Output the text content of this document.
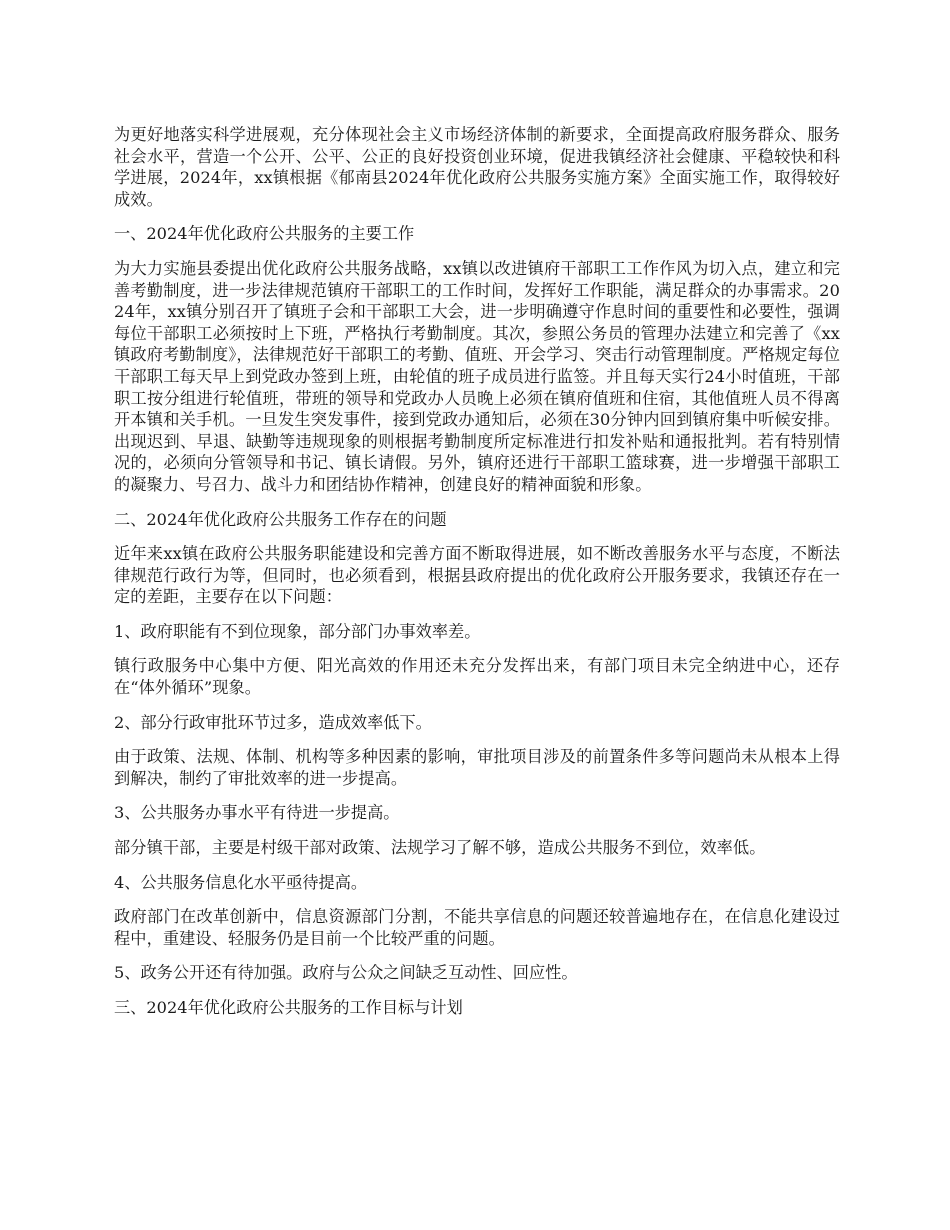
为更好地落实科学进展观，充分体现社会主义市场经济体制的新要求，全面提高政府服务群众、服务社会水平，营造一个公开、公平、公正的良好投资创业环境，促进我镇经济社会健康、平稳较快和科学进展，2024年，xx镇根据《郁南县2024年优化政府公共服务实施方案》全面实施工作，取得较好成效。

一、2024年优化政府公共服务的主要工作

为大力实施县委提出优化政府公共服务战略，xx镇以改进镇府干部职工工作作风为切入点，建立和完善考勤制度，进一步法律规范镇府干部职工的工作时间，发挥好工作职能，满足群众的办事需求。2024年，xx镇分别召开了镇班子会和干部职工大会，进一步明确遵守作息时间的重要性和必要性，强调每位干部职工必须按时上下班，严格执行考勤制度。其次，参照公务员的管理办法建立和完善了《xx镇政府考勤制度》，法律规范好干部职工的考勤、值班、开会学习、突击行动管理制度。严格规定每位干部职工每天早上到党政办签到上班，由轮值的班子成员进行监签。并且每天实行24小时值班，干部职工按分组进行轮值班，带班的领导和党政办人员晚上必须在镇府值班和住宿，其他值班人员不得离开本镇和关手机。一旦发生突发事件，接到党政办通知后，必须在30分钟内回到镇府集中听候安排。出现迟到、早退、缺勤等违规现象的则根据考勤制度所定标准进行扣发补贴和通报批判。若有特别情况的，必须向分管领导和书记、镇长请假。另外，镇府还进行干部职工篮球赛，进一步增强干部职工的凝聚力、号召力、战斗力和团结协作精神，创建良好的精神面貌和形象。

二、2024年优化政府公共服务工作存在的问题

近年来xx镇在政府公共服务职能建设和完善方面不断取得进展，如不断改善服务水平与态度，不断法律规范行政行为等，但同时，也必须看到，根据县政府提出的优化政府公开服务要求，我镇还存在一定的差距，主要存在以下问题：

1、政府职能有不到位现象，部分部门办事效率差。

镇行政服务中心集中方便、阳光高效的作用还未充分发挥出来，有部门项目未完全纳进中心，还存在“体外循环”现象。

2、部分行政审批环节过多，造成效率低下。

由于政策、法规、体制、机构等多种因素的影响，审批项目涉及的前置条件多等问题尚未从根本上得到解决，制约了审批效率的进一步提高。

3、公共服务办事水平有待进一步提高。

部分镇干部，主要是村级干部对政策、法规学习了解不够，造成公共服务不到位，效率低。

4、公共服务信息化水平亟待提高。

政府部门在改革创新中，信息资源部门分割，不能共享信息的问题还较普遍地存在，在信息化建设过程中，重建设、轻服务仍是目前一个比较严重的问题。

5、政务公开还有待加强。政府与公众之间缺乏互动性、回应性。

三、2024年优化政府公共服务的工作目标与计划
